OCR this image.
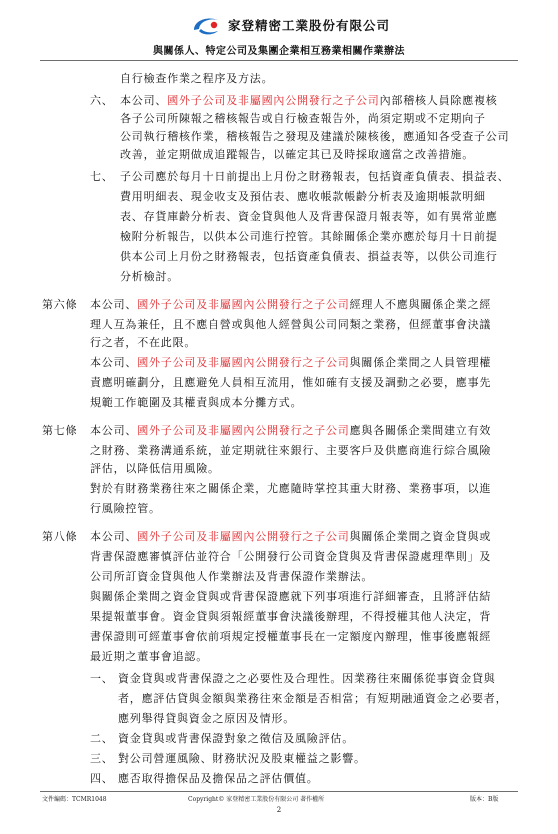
家登精密工業股份有限公司
與關係人、特定公司及集團企業相互務業相關作業辦法
自行檢查作業之程序及方法。
六、 本公司、國外子公司及非屬國內公開發行之子公司內部稽核人員除應複核
各子公司所陳報之稽核報告或自行檢查報告外，尚須定期或不定期向子
公司執行稽核作業，稽核報告之發現及建議於陳核後，應通知各受查子公司
改善，並定期做成追蹤報告，以確定其已及時採取適當之改善措施。
七、 子公司應於每月十日前提出上月份之財務報表，包括資產負債表、損益表、
費用明細表、現金收支及預估表、應收帳款帳齡分析表及逾期帳款明細
表、存貨庫齡分析表、資金貸與他人及背書保證月報表等，如有異常並應
檢附分析報告，以供本公司進行控管。其餘關係企業亦應於每月十日前提
供本公司上月份之財務報表，包括資產負債表、損益表等，以供公司進行
分析檢討。
第六條 本公司、國外子公司及非屬國內公開發行之子公司經理人不應與關係企業之經
理人互為兼任，且不應自營或與他人經營與公司同類之業務，但經董事會決議
行之者，不在此限。
本公司、國外子公司及非屬國內公開發行之子公司與關係企業間之人員管理權
責應明確劃分，且應避免人員相互流用，惟如確有支援及調動之必要，應事先
規範工作範圍及其權責與成本分攤方式。
第七條 本公司、國外子公司及非屬國內公開發行之子公司應與各關係企業間建立有效
之財務、業務溝通系統，並定期就往來銀行、主要客戶及供應商進行綜合風險
評估，以降低信用風險。
對於有財務業務往來之關係企業，尤應隨時掌控其重大財務、業務事項，以進
行風險控管。
第八條 本公司、國外子公司及非屬國內公開發行之子公司與關係企業間之資金貸與或
背書保證應審慎評估並符合「公開發行公司資金貸與及背書保證處理準則」及
公司所訂資金貸與他人作業辦法及背書保證作業辦法。
與關係企業間之資金貸與或背書保證應就下列事項進行詳細審查，且將評估結
果提報董事會。資金貸與須報經董事會決議後辦理，不得授權其他人決定，背
書保證則可經董事會依前項規定授權董事長在一定額度內辦理，惟事後應報經
最近期之董事會追認。
一、 資金貸與或背書保證之之必要性及合理性。因業務往來關係從事資金貸與
者，應評估貸與金額與業務往來金額是否相當；有短期融通資金之必要者，
應列舉得貸與資金之原因及情形。
二、 資金貸與或背書保證對象之徵信及風險評估。
三、 對公司營運風險、財務狀況及股東權益之影響。
四、 應否取得擔保品及擔保品之評估價值。
文件編碼：TCMR1048	Copyright© 家登精密工業股份有限公司 著作權所	版本：B版
2
